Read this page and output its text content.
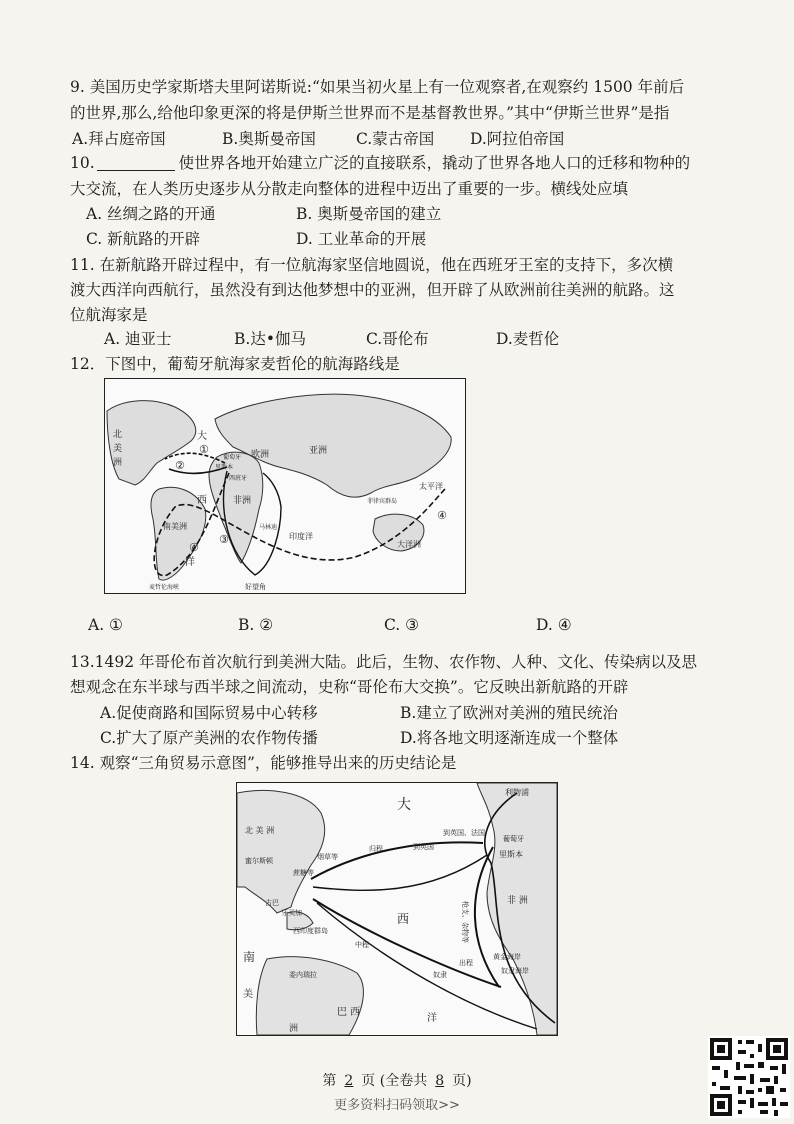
9. 美国历史学家斯塔夫里阿诺斯说:“如果当初火星上有一位观察者,在观察约 1500 年前后
的世界,那么,给他印象更深的将是伊斯兰世界而不是基督教世界。”其中“伊斯兰世界”是指
A.拜占庭帝国	B.奥斯曼帝国	C.蒙古帝国 D.阿拉伯帝国
10.	使世界各地开始建立广泛的直接联系，撬动了世界各地人口的迁移和物种的
大交流，在人类历史逐步从分散走向整体的进程中迈出了重要的一步。横线处应填
A. 丝绸之路的开通	B. 奥斯曼帝国的建立
C. 新航路的开辟	D. 工业革命的开展
11. 在新航路开辟过程中，有一位航海家坚信地圆说，他在西班牙王室的支持下，多次横
渡大西洋向西航行，虽然没有到达他梦想中的亚洲，但开辟了从欧洲前往美洲的航路。这
位航海家是
A. 迪亚士	B.达•伽马	C.哥伦布	D.麦哲伦
12．下图中，葡萄牙航海家麦哲伦的航海路线是
北
美
洲
大
欧洲
葡萄牙
里斯本
西班牙
亚洲
非洲
西
南美洲
洋
印度洋
太平洋
菲律宾群岛
大洋洲
马林迪
好望角
麦哲伦海峡
①
②
③
④
④
A. ①	B. ②	C. ③	D. ④
13.1492 年哥伦布首次航行到美洲大陆。此后，生物、农作物、人种、文化、传染病以及思
想观念在东半球与西半球之间流动，史称“哥伦布大交换”。它反映出新航路的开辟
A.促使商路和国际贸易中心转移	B.建立了欧洲对美洲的殖民统治
C.扩大了原产美洲的农作物传播	D.将各地文明逐渐连成一个整体
14. 观察“三角贸易示意图”，能够推导出来的历史结论是
利物浦
大
北 美 洲	到英国、法国
葡萄牙
里斯本
烟草等
归程	到英国
蜜尔斯顿
蔗糖等
枪支、杂物等	非 洲
西
西印度群岛
牙买加
古巴
中程
奴隶
出程
黄金海岸
奴隶海岸
南
委内瑞拉
美
巴 西
洲
洋
第 2 页 (全卷共 8 页)
更多资料扫码领取>>
